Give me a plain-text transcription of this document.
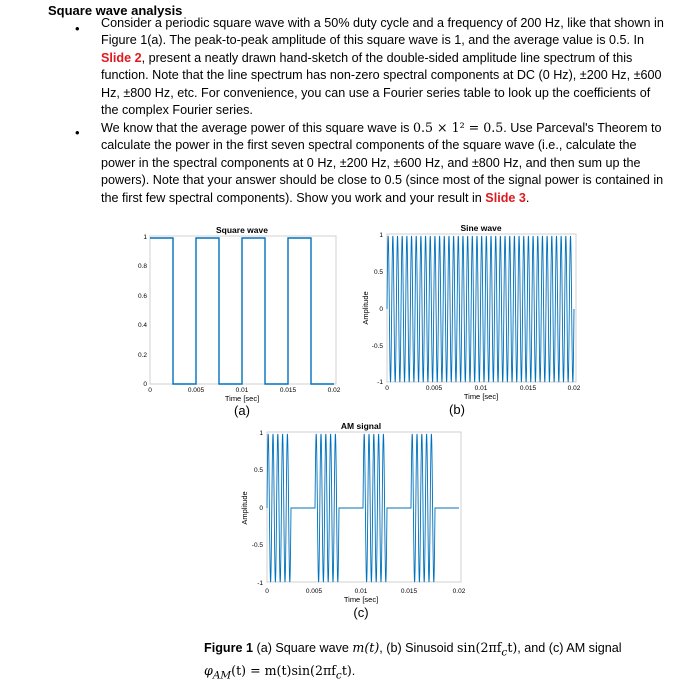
Square wave analysis
• Consider a periodic square wave with a 50% duty cycle and a frequency of 200 Hz, like that shown in Figure 1(a). The peak-to-peak amplitude of this square wave is 1, and the average value is 0.5. In Slide 2, present a neatly drawn hand-sketch of the double-sided amplitude line spectrum of this function. Note that the line spectrum has non-zero spectral components at DC (0 Hz), ±200 Hz, ±600 Hz, ±800 Hz, etc. For convenience, you can use a Fourier series table to look up the coefficients of the complex Fourier series.
• We know that the average power of this square wave is 0.5 × 1² = 0.5. Use Parceval's Theorem to calculate the power in the first seven spectral components of the square wave (i.e., calculate the power in the spectral components at 0 Hz, ±200 Hz, ±600 Hz, and ±800 Hz, and then sum up the powers). Note that your answer should be close to 0.5 (since most of the signal power is contained in the first few spectral components). Show you work and your result in Slide 3.
Square wave
0
0.2
0.4
0.6
0.8
1
0	0.005	0.01	0.015	0.02
Time [sec]
(a)
Sine wave
1
0.5
0
-0.5
-1
0	0.005	0.01	0.015	0.02
Time [sec]
(b)
Amplitude
AM signal
1
0.5
0
-0.5
-1
0	0.005	0.01	0.015	0.02
Time [sec]
(c)
Amplitude
Figure 1 (a) Square wave m(t), (b) Sinusoid $\sin(2\pi f_ct)$, and (c) AM signal
$\varphi_{AM}(t) = m(t)\sin(2\pi f_ct)$.
